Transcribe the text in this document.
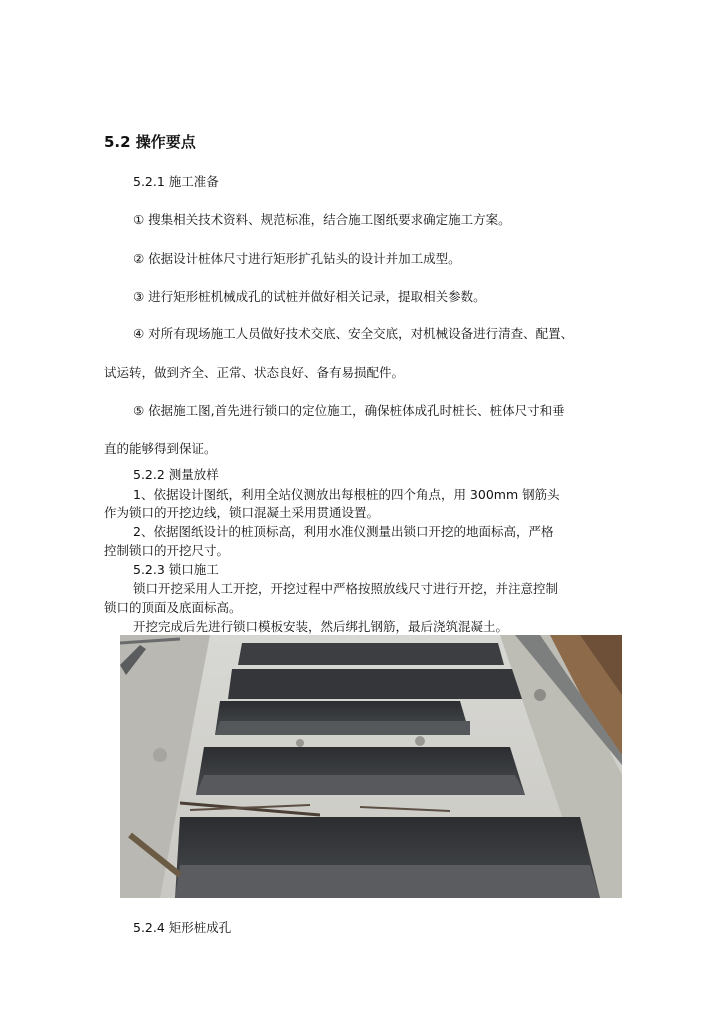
5.2 操作要点
5.2.1 施工准备
① 搜集相关技术资料、规范标准，结合施工图纸要求确定施工方案。
② 依据设计桩体尺寸进行矩形扩孔钻头的设计并加工成型。
③ 进行矩形桩机械成孔的试桩并做好相关记录，提取相关参数。
④ 对所有现场施工人员做好技术交底、安全交底，对机械设备进行清查、配置、
试运转，做到齐全、正常、状态良好、备有易损配件。
⑤ 依据施工图,首先进行锁口的定位施工，确保桩体成孔时桩长、桩体尺寸和垂
直的能够得到保证。
5.2.2 测量放样
1、依据设计图纸，利用全站仪测放出每根桩的四个角点，用 300mm 钢筋头
作为锁口的开挖边线，锁口混凝土采用贯通设置。
2、依据图纸设计的桩顶标高，利用水准仪测量出锁口开挖的地面标高，严格
控制锁口的开挖尺寸。
5.2.3 锁口施工
锁口开挖采用人工开挖，开挖过程中严格按照放线尺寸进行开挖，并注意控制
锁口的顶面及底面标高。
开挖完成后先进行锁口模板安装，然后绑扎钢筋，最后浇筑混凝土。
5.2.4 矩形桩成孔
